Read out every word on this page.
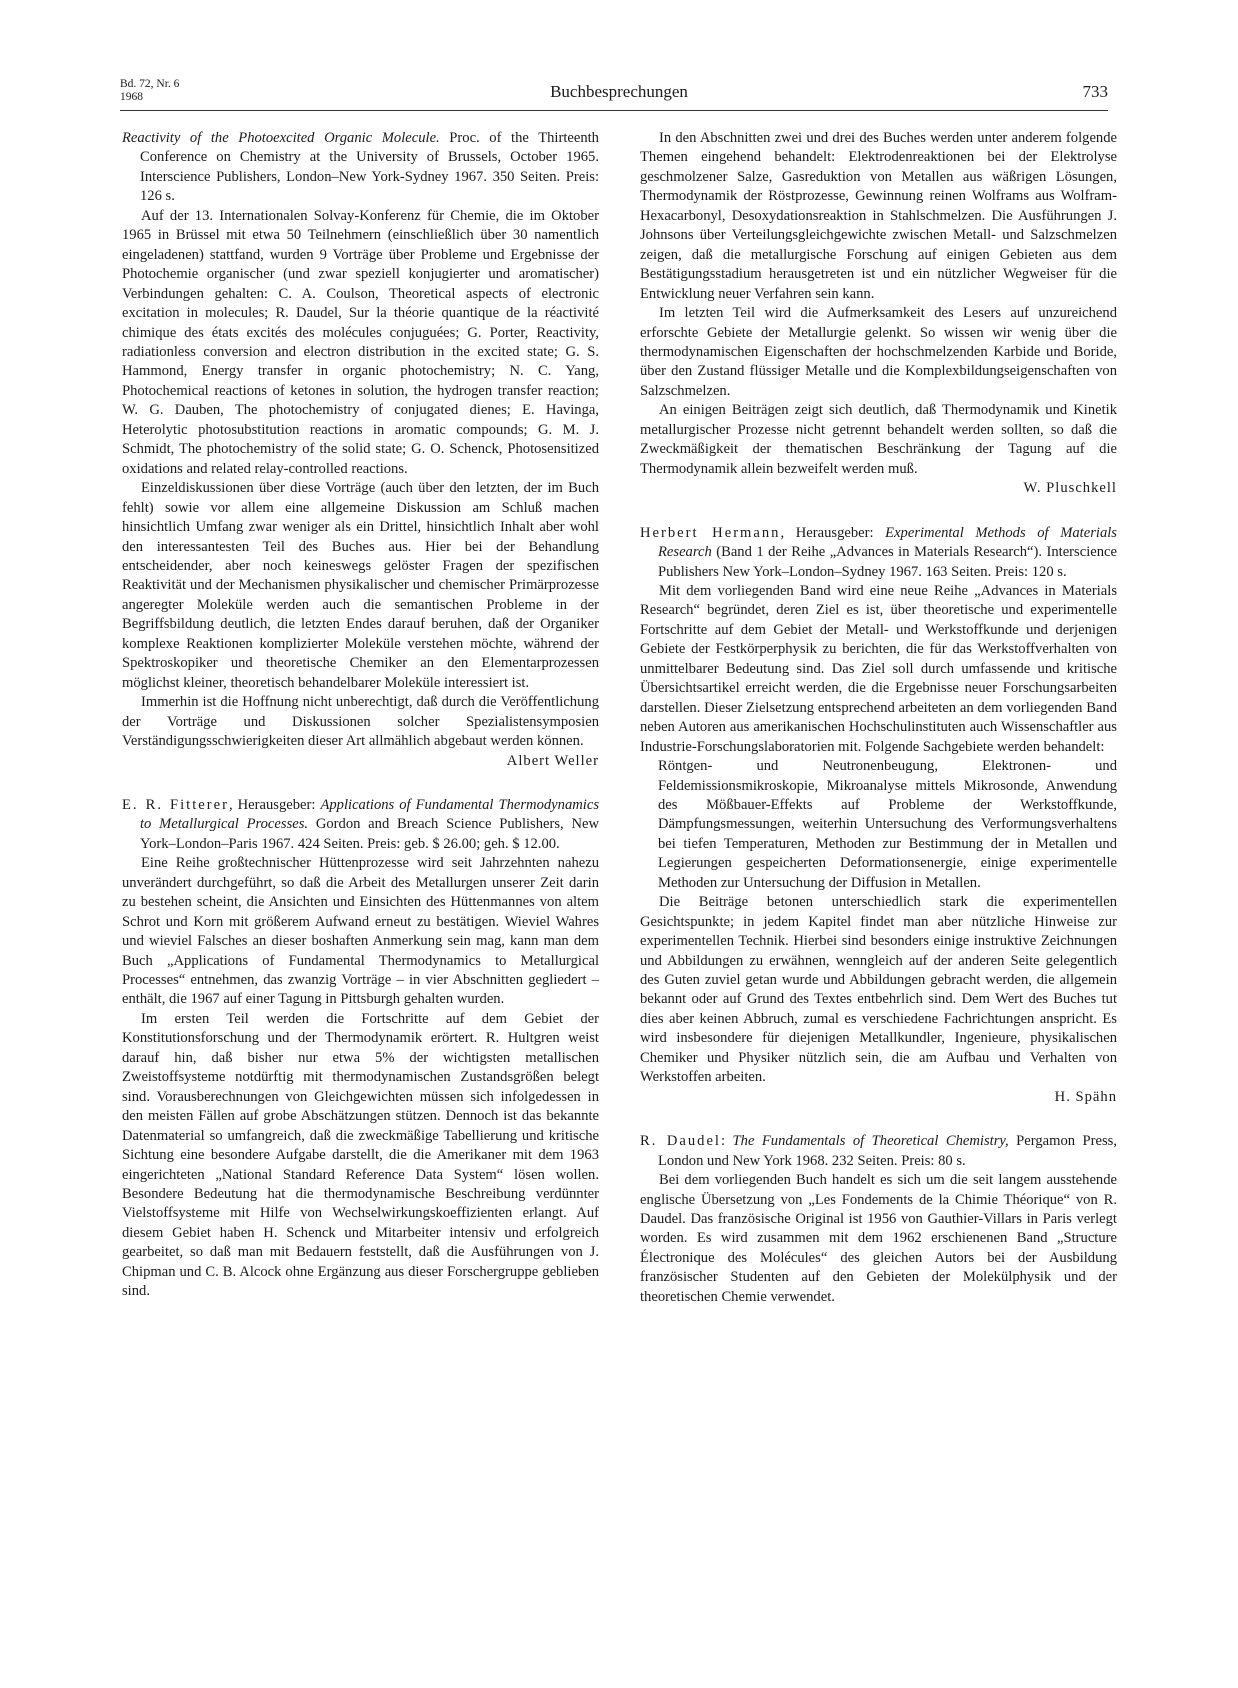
Bd. 72, Nr. 6
1968	Buchbesprechungen	733

Reactivity of the Photoexcited Organic Molecule. Proc. of the Thirteenth Conference on Chemistry at the University of Brussels, October 1965. Interscience Publishers, London–New York-Sydney 1967. 350 Seiten. Preis: 126 s.

Auf der 13. Internationalen Solvay-Konferenz für Chemie, die im Oktober 1965 in Brüssel mit etwa 50 Teilnehmern (einschließlich über 30 namentlich eingeladenen) stattfand, wurden 9 Vorträge über Probleme und Ergebnisse der Photochemie organischer (und zwar speziell konjugierter und aromatischer) Verbindungen gehalten: C. A. Coulson, Theoretical aspects of electronic excitation in molecules; R. Daudel, Sur la théorie quantique de la réactivité chimique des états excités des molécules conjuguées; G. Porter, Reactivity, radiationless conversion and electron distribution in the excited state; G. S. Hammond, Energy transfer in organic photochemistry; N. C. Yang, Photochemical reactions of ketones in solution, the hydrogen transfer reaction; W. G. Dauben, The photochemistry of conjugated dienes; E. Havinga, Heterolytic photosubstitution reactions in aromatic compounds; G. M. J. Schmidt, The photochemistry of the solid state; G. O. Schenck, Photosensitized oxidations and related relay-controlled reactions.

Einzeldiskussionen über diese Vorträge (auch über den letzten, der im Buch fehlt) sowie vor allem eine allgemeine Diskussion am Schluß machen hinsichtlich Umfang zwar weniger als ein Drittel, hinsichtlich Inhalt aber wohl den interessantesten Teil des Buches aus. Hier bei der Behandlung entscheidender, aber noch keineswegs gelöster Fragen der spezifischen Reaktivität und der Mechanismen physikalischer und chemischer Primärprozesse angeregter Moleküle werden auch die semantischen Probleme in der Begriffsbildung deutlich, die letzten Endes darauf beruhen, daß der Organiker komplexe Reaktionen komplizierter Moleküle verstehen möchte, während der Spektroskopiker und theoretische Chemiker an den Elementarprozessen möglichst kleiner, theoretisch behandelbarer Moleküle interessiert ist.

Immerhin ist die Hoffnung nicht unberechtigt, daß durch die Veröffentlichung der Vorträge und Diskussionen solcher Spezialistensymposien Verständigungsschwierigkeiten dieser Art allmählich abgebaut werden können.

Albert Weller

E. R. Fitterer, Herausgeber: Applications of Fundamental Thermodynamics to Metallurgical Processes. Gordon and Breach Science Publishers, New York–London–Paris 1967. 424 Seiten. Preis: geb. $ 26.00; geh. $ 12.00.

Eine Reihe großtechnischer Hüttenprozesse wird seit Jahrzehnten nahezu unverändert durchgeführt, so daß die Arbeit des Metallurgen unserer Zeit darin zu bestehen scheint, die Ansichten und Einsichten des Hüttenmannes von altem Schrot und Korn mit größerem Aufwand erneut zu bestätigen. Wieviel Wahres und wieviel Falsches an dieser boshaften Anmerkung sein mag, kann man dem Buch „Applications of Fundamental Thermodynamics to Metallurgical Processes“ entnehmen, das zwanzig Vorträge – in vier Abschnitten gegliedert – enthält, die 1967 auf einer Tagung in Pittsburgh gehalten wurden.

Im ersten Teil werden die Fortschritte auf dem Gebiet der Konstitutionsforschung und der Thermodynamik erörtert. R. Hultgren weist darauf hin, daß bisher nur etwa 5% der wichtigsten metallischen Zweistoffsysteme notdürftig mit thermodynamischen Zustandsgrößen belegt sind. Vorausberechnungen von Gleichgewichten müssen sich infolgedessen in den meisten Fällen auf grobe Abschätzungen stützen. Dennoch ist das bekannte Datenmaterial so umfangreich, daß die zweckmäßige Tabellierung und kritische Sichtung eine besondere Aufgabe darstellt, die die Amerikaner mit dem 1963 eingerichteten „National Standard Reference Data System“ lösen wollen. Besondere Bedeutung hat die thermodynamische Beschreibung verdünnter Vielstoffsysteme mit Hilfe von Wechselwirkungskoeffizienten erlangt. Auf diesem Gebiet haben H. Schenck und Mitarbeiter intensiv und erfolgreich gearbeitet, so daß man mit Bedauern feststellt, daß die Ausführungen von J. Chipman und C. B. Alcock ohne Ergänzung aus dieser Forschergruppe geblieben sind.

In den Abschnitten zwei und drei des Buches werden unter anderem folgende Themen eingehend behandelt: Elektrodenreaktionen bei der Elektrolyse geschmolzener Salze, Gasreduktion von Metallen aus wäßrigen Lösungen, Thermodynamik der Röstprozesse, Gewinnung reinen Wolframs aus Wolfram-Hexacarbonyl, Desoxydationsreaktion in Stahlschmelzen. Die Ausführungen J. Johnsons über Verteilungsgleichgewichte zwischen Metall- und Salzschmelzen zeigen, daß die metallurgische Forschung auf einigen Gebieten aus dem Bestätigungsstadium herausgetreten ist und ein nützlicher Wegweiser für die Entwicklung neuer Verfahren sein kann.

Im letzten Teil wird die Aufmerksamkeit des Lesers auf unzureichend erforschte Gebiete der Metallurgie gelenkt. So wissen wir wenig über die thermodynamischen Eigenschaften der hochschmelzenden Karbide und Boride, über den Zustand flüssiger Metalle und die Komplexbildungseigenschaften von Salzschmelzen.

An einigen Beiträgen zeigt sich deutlich, daß Thermodynamik und Kinetik metallurgischer Prozesse nicht getrennt behandelt werden sollten, so daß die Zweckmäßigkeit der thematischen Beschränkung der Tagung auf die Thermodynamik allein bezweifelt werden muß.

W. Pluschkell

Herbert Hermann, Herausgeber: Experimental Methods of Materials Research (Band 1 der Reihe „Advances in Materials Research“). Interscience Publishers New York–London–Sydney 1967. 163 Seiten. Preis: 120 s.

Mit dem vorliegenden Band wird eine neue Reihe „Advances in Materials Research“ begründet, deren Ziel es ist, über theoretische und experimentelle Fortschritte auf dem Gebiet der Metall- und Werkstoffkunde und derjenigen Gebiete der Festkörperphysik zu berichten, die für das Werkstoffverhalten von unmittelbarer Bedeutung sind. Das Ziel soll durch umfassende und kritische Übersichtsartikel erreicht werden, die die Ergebnisse neuer Forschungsarbeiten darstellen. Dieser Zielsetzung entsprechend arbeiteten an dem vorliegenden Band neben Autoren aus amerikanischen Hochschulinstituten auch Wissenschaftler aus Industrie-Forschungslaboratorien mit. Folgende Sachgebiete werden behandelt:

Röntgen- und Neutronenbeugung, Elektronen- und Feldemissionsmikroskopie, Mikroanalyse mittels Mikrosonde, Anwendung des Mößbauer-Effekts auf Probleme der Werkstoffkunde, Dämpfungsmessungen, weiterhin Untersuchung des Verformungsverhaltens bei tiefen Temperaturen, Methoden zur Bestimmung der in Metallen und Legierungen gespeicherten Deformationsenergie, einige experimentelle Methoden zur Untersuchung der Diffusion in Metallen.

Die Beiträge betonen unterschiedlich stark die experimentellen Gesichtspunkte; in jedem Kapitel findet man aber nützliche Hinweise zur experimentellen Technik. Hierbei sind besonders einige instruktive Zeichnungen und Abbildungen zu erwähnen, wenngleich auf der anderen Seite gelegentlich des Guten zuviel getan wurde und Abbildungen gebracht werden, die allgemein bekannt oder auf Grund des Textes entbehrlich sind. Dem Wert des Buches tut dies aber keinen Abbruch, zumal es verschiedene Fachrichtungen anspricht. Es wird insbesondere für diejenigen Metallkundler, Ingenieure, physikalischen Chemiker und Physiker nützlich sein, die am Aufbau und Verhalten von Werkstoffen arbeiten.

H. Spähn

R. Daudel: The Fundamentals of Theoretical Chemistry, Pergamon Press, London und New York 1968. 232 Seiten. Preis: 80 s.

Bei dem vorliegenden Buch handelt es sich um die seit langem ausstehende englische Übersetzung von „Les Fondements de la Chimie Théorique“ von R. Daudel. Das französische Original ist 1956 von Gauthier-Villars in Paris verlegt worden. Es wird zusammen mit dem 1962 erschienenen Band „Structure Électronique des Molécules“ des gleichen Autors bei der Ausbildung französischer Studenten auf den Gebieten der Molekülphysik und der theoretischen Chemie verwendet.
